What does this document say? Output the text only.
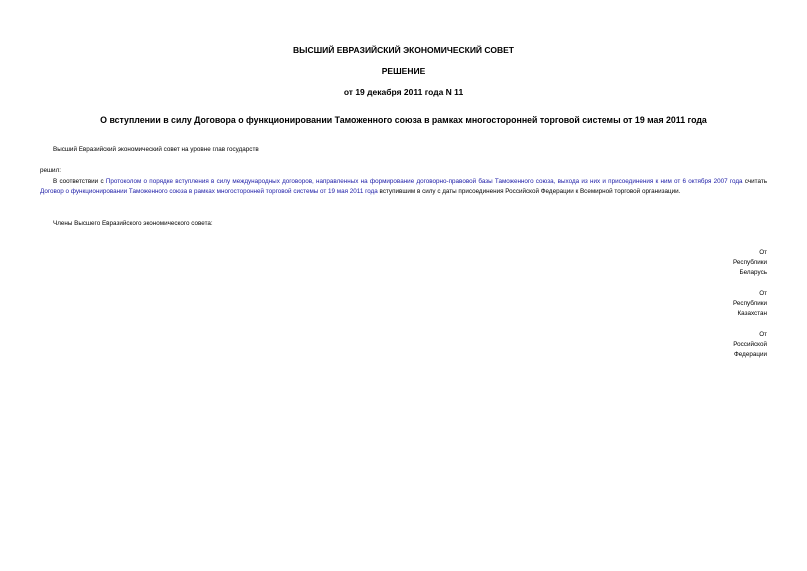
ВЫСШИЙ ЕВРАЗИЙСКИЙ ЭКОНОМИЧЕСКИЙ СОВЕТ
РЕШЕНИЕ
от 19 декабря 2011 года N 11
О вступлении в силу Договора о функционировании Таможенного союза в рамках многосторонней торговой системы от 19 мая 2011 года
Высший Евразийский экономический совет на уровне глав государств
решил:
В соответствии с Протоколом о порядке вступления в силу международных договоров, направленных на формирование договорно-правовой базы Таможенного союза, выхода из них и присоединения к ним от 6 октября 2007 года считать Договор о функционировании Таможенного союза в рамках многосторонней торговой системы от 19 мая 2011 года вступившим в силу с даты присоединения Российской Федерации к Всемирной торговой организации.
Члены Высшего Евразийского экономического совета:
От
Республики
Беларусь
От
Республики
Казахстан
От
Российской
Федерации
